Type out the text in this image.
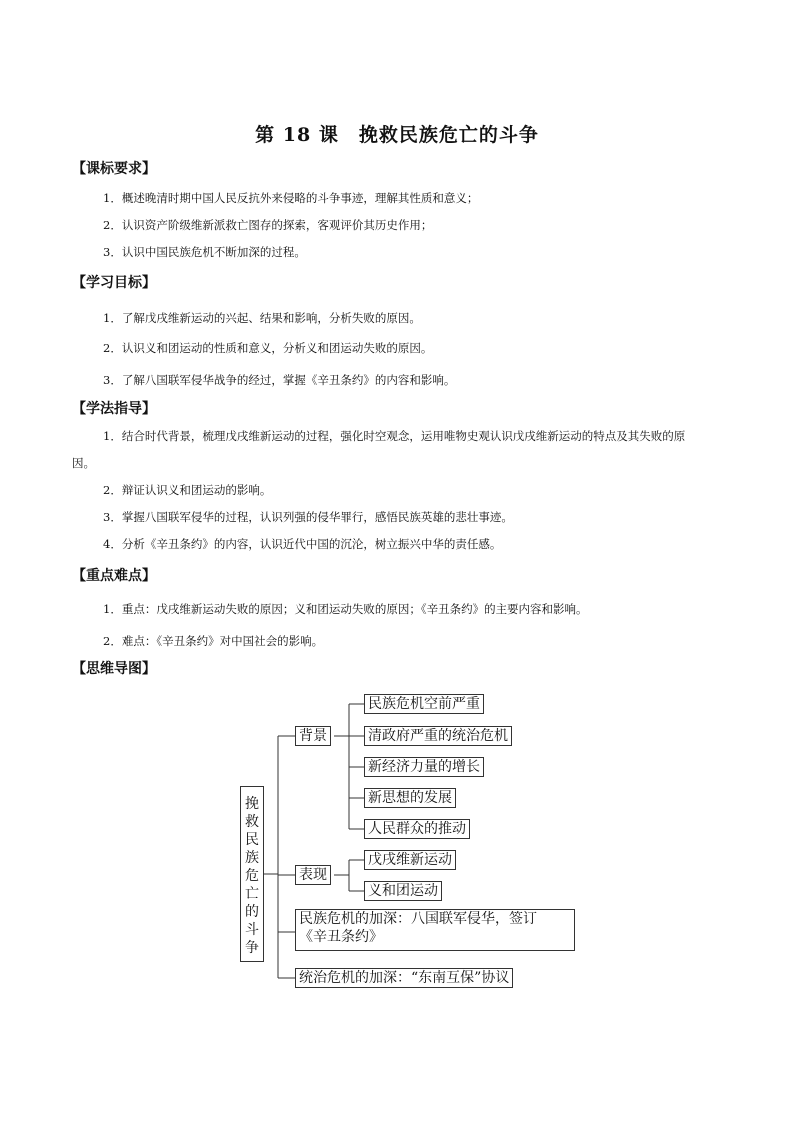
第 18 课　挽救民族危亡的斗争
【课标要求】
1．概述晚清时期中国人民反抗外来侵略的斗争事迹，理解其性质和意义；
2．认识资产阶级维新派救亡图存的探索，客观评价其历史作用；
3．认识中国民族危机不断加深的过程。
【学习目标】
1．了解戊戌维新运动的兴起、结果和影响，分析失败的原因。
2．认识义和团运动的性质和意义，分析义和团运动失败的原因。
3．了解八国联军侵华战争的经过，掌握《辛丑条约》的内容和影响。
【学法指导】
1．结合时代背景，梳理戊戌维新运动的过程，强化时空观念，运用唯物史观认识戊戌维新运动的特点及其失败的原因。
2．辩证认识义和团运动的影响。
3．掌握八国联军侵华的过程，认识列强的侵华罪行，感悟民族英雄的悲壮事迹。
4．分析《辛丑条约》的内容，认识近代中国的沉沦，树立振兴中华的责任感。
【重点难点】
1．重点：戊戌维新运动失败的原因；义和团运动失败的原因；《辛丑条约》的主要内容和影响。
2．难点：《辛丑条约》对中国社会的影响。
【思维导图】
挽救民族危亡的斗争
背景
民族危机空前严重
清政府严重的统治危机
新经济力量的增长
新思想的发展
人民群众的推动
表现
戊戌维新运动
义和团运动
民族危机的加深：八国联军侵华，签订
《辛丑条约》
统治危机的加深：“东南互保”协议
